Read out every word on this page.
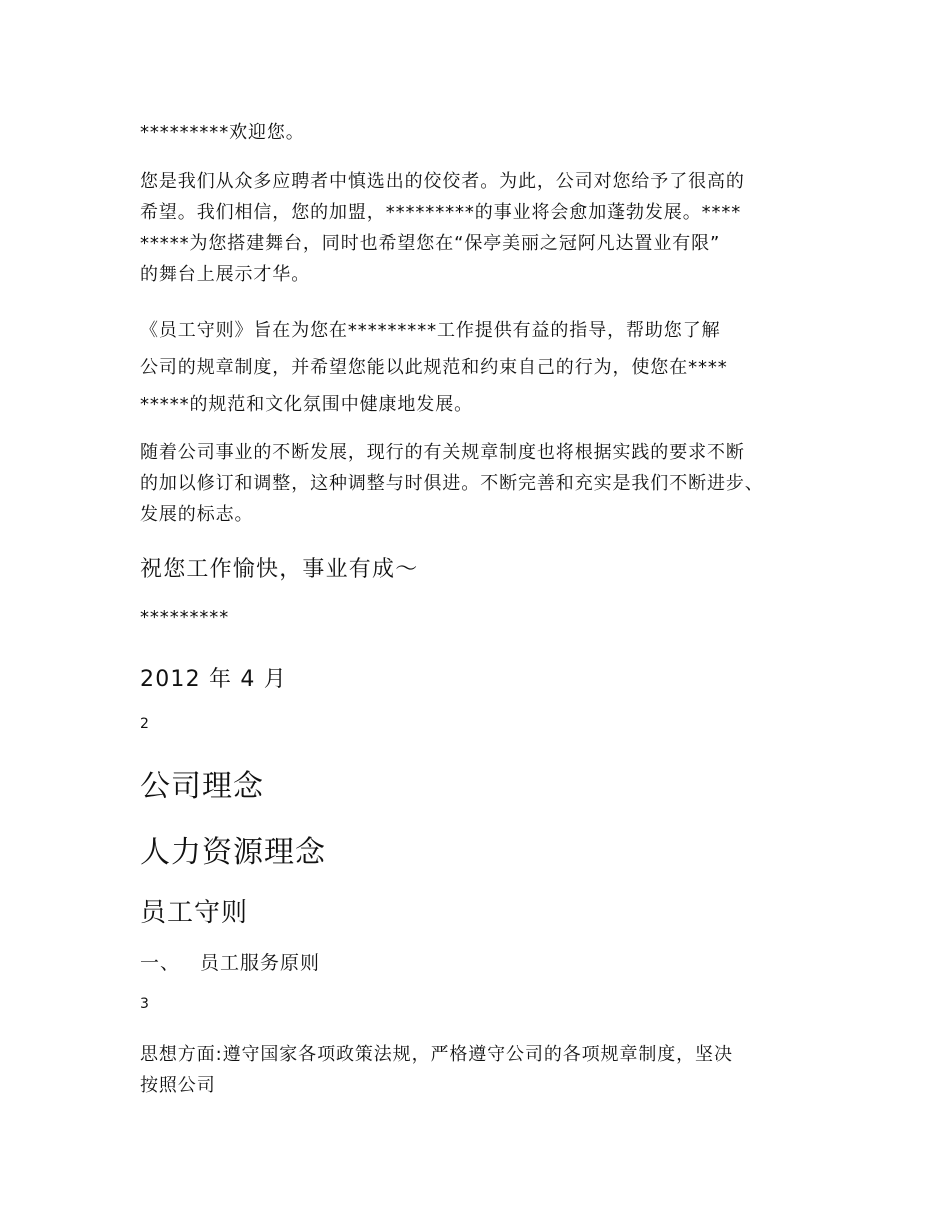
*********欢迎您。

您是我们从众多应聘者中慎选出的佼佼者。为此，公司对您给予了很高的
希望。我们相信，您的加盟，*********的事业将会愈加蓬勃发展。****
*****为您搭建舞台，同时也希望您在“保亭美丽之冠阿凡达置业有限”
的舞台上展示才华。

《员工守则》旨在为您在*********工作提供有益的指导，帮助您了解
公司的规章制度，并希望您能以此规范和约束自己的行为，使您在****
*****的规范和文化氛围中健康地发展。

随着公司事业的不断发展，现行的有关规章制度也将根据实践的要求不断
的加以修订和调整，这种调整与时俱进。不断完善和充实是我们不断进步、
发展的标志。

祝您工作愉快，事业有成～

*********

2012 年 4 月

2

公司理念
人力资源理念
员工守则

一、 员工服务原则

3

思想方面:遵守国家各项政策法规，严格遵守公司的各项规章制度，坚决
按照公司
